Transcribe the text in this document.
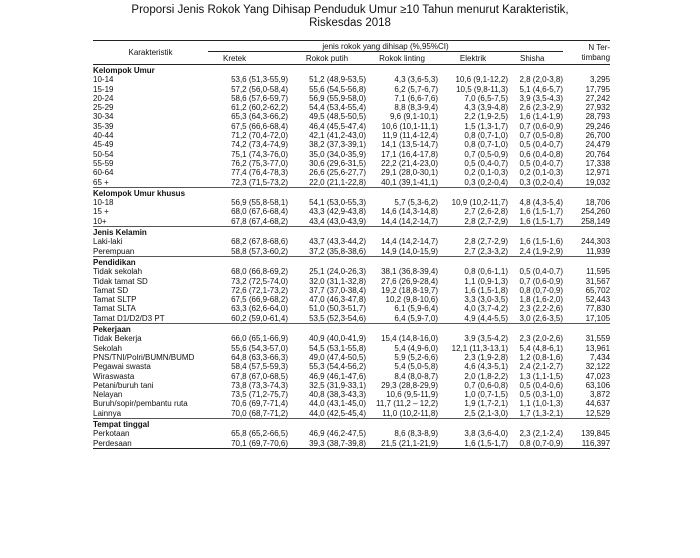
Proporsi Jenis Rokok Yang Dihisap Penduduk Umur ≥10 Tahun menurut Karakteristik,
Riskesdas 2018
Karakteristik	jenis rokok yang dihisap (%,95%CI)					N Ter-
timbang

	Kretek	Rokok putih	Rokok linting	Elektrik	Shisha	
Kelompok Umur						
10-14	53,6 (51,3-55,9)	51,2 (48,9-53,5)	4,3 (3,6-5,3)	10,6 (9,1-12,2)	2,8 (2,0-3,8)	3,295
15-19	57,2 (56,0-58,4)	55,6 (54,5-56,8)	6,2 (5,7-6,7)	10,5 (9,8-11,3)	5,1 (4,6-5,7)	17,795
20-24	58,6 (57,6-59,7)	56,9 (55,9-58,0)	7,1 (6,6-7,6)	7,0 (6,5-7,5)	3,9 (3,5-4,3)	27,242
25-29	61,2 (60,2-62,2)	54,4 (53,4-55,4)	8,8 (8,3-9,4)	4,3 (3,9-4,8)	2,6 (2,3-2,9)	27,932
30-34	65,3 (64,3-66,2)	49,5 (48,5-50,5)	9,6 (9,1-10,1)	2,2 (1,9-2,5)	1,6 (1,4-1,9)	28,793
35-39	67,5 (66,6-68,4)	46,4 (45,5-47,4)	10,6 (10,1-11,1)	1,5 (1,3-1,7)	0,7 (0,6-0,9)	29,246
40-44	71,2 (70,4-72,0)	42,1 (41,2-43,0)	11,9 (11,4-12,4)	0,8 (0,7-1,0)	0,7 (0,5-0,8)	26,700
45-49	74,2 (73,4-74,9)	38,2 (37,3-39,1)	14,1 (13,5-14,7)	0,8 (0,7-1,0)	0,5 (0,4-0,7)	24,479
50-54	75,1 (74,3-76,0)	35,0 (34,0-35,9)	17,1 (16,4-17,8)	0,7 (0,5-0,9)	0,6 (0,4-0,8)	20,764
55-59	76,2 (75,3-77,0)	30,6 (29,6-31,5)	22,2 (21,4-23,0)	0,5 (0,4-0,7)	0,5 (0,4-0,7)	17,338
60-64	77,4 (76,4-78,3)	26,6 (25,6-27,7)	29,1 (28,0-30,1)	0,2 (0,1-0,3)	0,2 (0,1-0,3)	12,971
65 +	72,3 (71,5-73,2)	22,0 (21,1-22,8)	40,1 (39,1-41,1)	0,3 (0,2-0,4)	0,3 (0,2-0,4)	19,032
Kelompok Umur khusus						
10-18	56,9 (55,8-58,1)	54,1 (53,0-55,3)	5,7 (5,3-6,2)	10,9 (10,2-11,7)	4,8 (4,3-5,4)	18,706
15 +	68,0 (67,6-68,4)	43,3 (42,9-43,8)	14,6 (14,3-14,8)	2,7 (2,6-2,8)	1,6 (1,5-1,7)	254,260
10+	67,8 (67,4-68,2)	43,4 (43,0-43,9)	14,4 (14,2-14,7)	2,8 (2,7-2,9)	1,6 (1,5-1,7)	258,149
Jenis Kelamin						
Laki-laki	68,2 (67,8-68,6)	43,7 (43,3-44,2)	14,4 (14,2-14,7)	2,8 (2,7-2,9)	1,6 (1,5-1,6)	244,303
Perempuan	58,8 (57,3-60,2)	37,2 (35,8-38,6)	14,9 (14,0-15,9)	2,7 (2,3-3,2)	2,4 (1,9-2,9)	11,939
Pendidikan						
Tidak sekolah	68,0 (66,8-69,2)	25,1 (24,0-26,3)	38,1 (36,8-39,4)	0,8 (0,6-1,1)	0,5 (0,4-0,7)	11,595
Tidak tamat SD	73,2 (72,5-74,0)	32,0 (31,1-32,8)	27,6 (26,9-28,4)	1,1 (0,9-1,3)	0,7 (0,6-0,9)	31,567
Tamat SD	72,6 (72,1-73,2)	37,7 (37,0-38,4)	19,2 (18,8-19,7)	1,6 (1,5-1,8)	0,8 (0,7-0,9)	65,702
Tamat SLTP	67,5 (66,9-68,2)	47,0 (46,3-47,8)	10,2 (9,8-10,6)	3,3 (3,0-3,5)	1,8 (1,6-2,0)	52,443
Tamat SLTA	63,3 (62,6-64,0)	51,0 (50,3-51,7)	6,1 (5,9-6,4)	4,0 (3,7-4,2)	2,3 (2,2-2,6)	77,830
Tamat D1/D2/D3 PT	60,2 (59,0-61,4)	53,5 (52,3-54,6)	6,4 (5,9-7,0)	4,9 (4,4-5,5)	3,0 (2,6-3,5)	17,105
Pekerjaan						
Tidak Bekerja	66,0 (65,1-66,9)	40,9 (40,0-41,9)	15,4 (14,8-16,0)	3,9 (3,5-4,2)	2,3 (2,0-2,6)	31,559
Sekolah	55,6 (54,3-57,0)	54,5 (53,1-55,8)	5,4 (4,9-6,0)	12,1 (11,3-13,1)	5,4 (4,8-6,1)	13,961
PNS/TNI/Polri/BUMN/BUMD	64,8 (63,3-66,3)	49,0 (47,4-50,5)	5,9 (5,2-6,6)	2,3 (1,9-2,8)	1,2 (0,8-1,6)	7,434
Pegawai swasta	58,4 (57,5-59,3)	55,3 (54,4-56,2)	5,4 (5,0-5,8)	4,6 (4,3-5,1)	2,4 (2,1-2,7)	32,122
Wiraswasta	67,8 (67,0-68,5)	46,9 (46,1-47,6)	8,4 (8,0-8,7)	2,0 (1,8-2,2)	1,3 (1,1-1,5)	47,023
Petani/buruh tani	73,8 (73,3-74,3)	32,5 (31,9-33,1)	29,3 (28,8-29,9)	0,7 (0,6-0,8)	0,5 (0,4-0,6)	63,106
Nelayan	73,5 (71,2-75,7)	40,8 (38,3-43,3)	10,6 (9,5-11,9)	1,0 (0,7-1,5)	0,5 (0,3-1,0)	3,872
Buruh/sopir/pembantu ruta	70,6 (69,7-71,4)	44,0 (43,1-45,0)	11,7 (11,2 – 12,2)	1,9 (1,7-2,1)	1,1 (1,0-1,3)	44,637
Lainnya	70,0 (68,7-71,2)	44,0 (42,5-45,4)	11,0 (10,2-11,8)	2,5 (2,1-3,0)	1,7 (1,3-2,1)	12,529
Tempat tinggal						
Perkotaan	65,8 (65,2-66,5)	46,9 (46,2-47,5)	8,6 (8,3-8,9)	3,8 (3,6-4,0)	2,3 (2,1-2,4)	139,845
Perdesaan	70,1 (69,7-70,6)	39,3 (38,7-39,8)	21,5 (21,1-21,9)	1,6 (1,5-1,7)	0,8 (0,7-0,9)	116,397
